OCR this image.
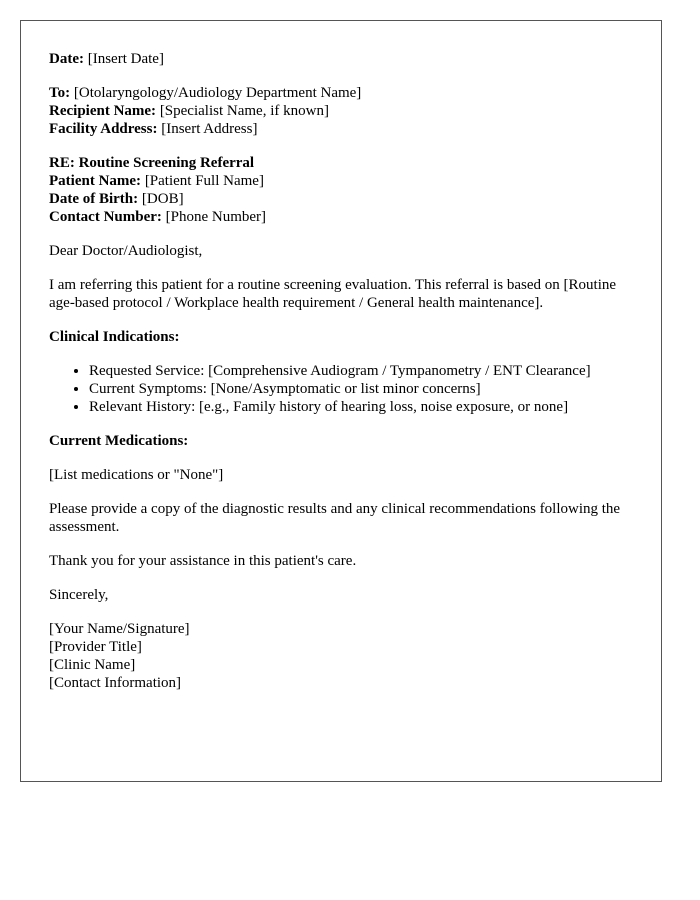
Date: [Insert Date]

To: [Otolaryngology/Audiology Department Name]

Recipient Name: [Specialist Name, if known]

Facility Address: [Insert Address]

RE: Routine Screening Referral

Patient Name: [Patient Full Name]

Date of Birth: [DOB]

Contact Number: [Phone Number]

Dear Doctor/Audiologist,

I am referring this patient for a routine screening evaluation. This referral is based on [Routine age-based protocol / Workplace health requirement / General health maintenance].

Clinical Indications:

• Requested Service: [Comprehensive Audiogram / Tympanometry / ENT Clearance]
• Current Symptoms: [None/Asymptomatic or list minor concerns]
• Relevant History: [e.g., Family history of hearing loss, noise exposure, or none]

Current Medications:

[List medications or "None"]

Please provide a copy of the diagnostic results and any clinical recommendations following the assessment.

Thank you for your assistance in this patient's care.

Sincerely,

[Your Name/Signature]

[Provider Title]

[Clinic Name]

[Contact Information]
